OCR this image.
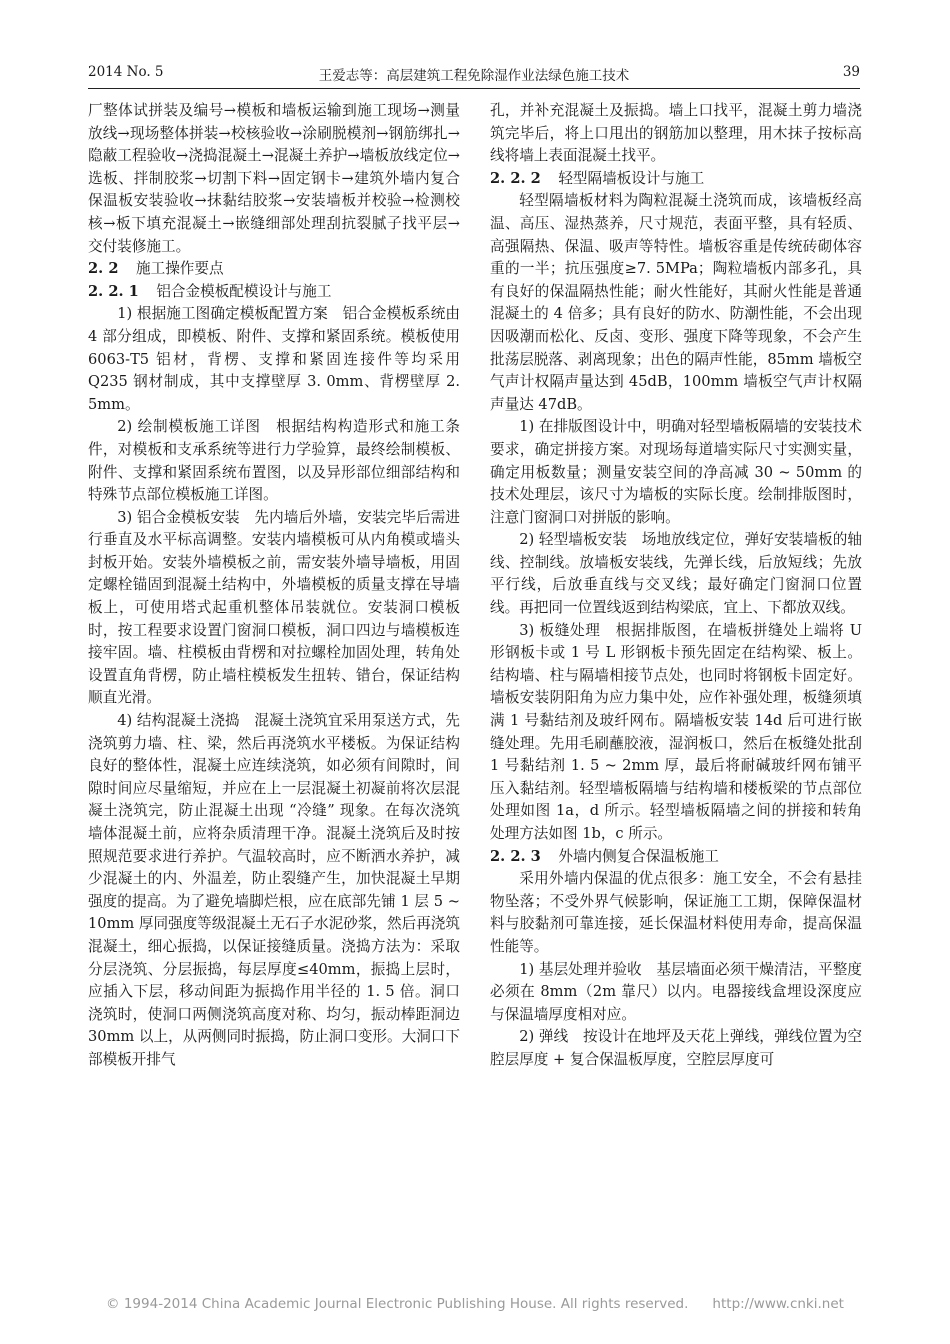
2014 No. 5	王爱志等：高层建筑工程免除湿作业法绿色施工技术	39

厂整体试拼装及编号→模板和墙板运输到施工现场→测量放线→现场整体拼装→校核验收→涂刷脱模剂→钢筋绑扎→隐蔽工程验收→浇捣混凝土→混凝土养护→墙板放线定位→选板、拌制胶浆→切割下料→固定钢卡→建筑外墙内复合保温板安装验收→抹黏结胶浆→安装墙板并校验→检测校核→板下填充混凝土→嵌缝细部处理刮抗裂腻子找平层→交付装修施工。

2. 2 施工操作要点

2. 2. 1 铝合金模板配模设计与施工

1) 根据施工图确定模板配置方案　铝合金模板系统由 4 部分组成，即模板、附件、支撑和紧固系统。模板使用 6063-T5 铝材，背楞、支撑和紧固连接件等均采用 Q235 钢材制成，其中支撑壁厚 3. 0mm、背楞壁厚 2. 5mm。

2) 绘制模板施工详图　根据结构构造形式和施工条件，对模板和支承系统等进行力学验算，最终绘制模板、附件、支撑和紧固系统布置图，以及异形部位细部结构和特殊节点部位模板施工详图。

3) 铝合金模板安装　先内墙后外墙，安装完毕后需进行垂直及水平标高调整。安装内墙模板可从内角模或墙头封板开始。安装外墙模板之前，需安装外墙导墙板，用固定螺栓锚固到混凝土结构中，外墙模板的质量支撑在导墙板上，可使用塔式起重机整体吊装就位。安装洞口模板时，按工程要求设置门窗洞口模板，洞口四边与墙模板连接牢固。墙、柱模板由背楞和对拉螺栓加固处理，转角处设置直角背楞，防止墙柱模板发生扭转、错台，保证结构顺直光滑。

4) 结构混凝土浇捣　混凝土浇筑宜采用泵送方式，先浇筑剪力墙、柱、梁，然后再浇筑水平楼板。为保证结构良好的整体性，混凝土应连续浇筑，如必须有间隙时，间隙时间应尽量缩短，并应在上一层混凝土初凝前将次层混凝土浇筑完，防止混凝土出现 “冷缝” 现象。在每次浇筑墙体混凝土前，应将杂质清理干净。混凝土浇筑后及时按照规范要求进行养护。气温较高时，应不断洒水养护，减少混凝土的内、外温差，防止裂缝产生，加快混凝土早期强度的提高。为了避免墙脚烂根，应在底部先铺 1 层 5 ~ 10mm 厚同强度等级混凝土无石子水泥砂浆，然后再浇筑混凝土，细心振捣，以保证接缝质量。浇捣方法为：采取分层浇筑、分层振捣，每层厚度≤40mm，振捣上层时，应插入下层，移动间距为振捣作用半径的 1. 5 倍。洞口浇筑时，使洞口两侧浇筑高度对称、均匀，振动棒距洞边 30mm 以上，从两侧同时振捣，防止洞口变形。大洞口下部模板开排气

孔，并补充混凝土及振捣。墙上口找平，混凝土剪力墙浇筑完毕后，将上口甩出的钢筋加以整理，用木抹子按标高线将墙上表面混凝土找平。

2. 2. 2 轻型隔墙板设计与施工

轻型隔墙板材料为陶粒混凝土浇筑而成，该墙板经高温、高压、湿热蒸养，尺寸规范，表面平整，具有轻质、高强隔热、保温、吸声等特性。墙板容重是传统砖砌体容重的一半；抗压强度≥7. 5MPa；陶粒墙板内部多孔，具有良好的保温隔热性能；耐火性能好，其耐火性能是普通混凝土的 4 倍多；具有良好的防水、防潮性能，不会出现因吸潮而松化、反卤、变形、强度下降等现象，不会产生批荡层脱落、剥离现象；出色的隔声性能，85mm 墙板空气声计权隔声量达到 45dB，100mm 墙板空气声计权隔声量达 47dB。

1) 在排版图设计中，明确对轻型墙板隔墙的安装技术要求，确定拼接方案。对现场每道墙实际尺寸实测实量，确定用板数量；测量安装空间的净高减 30 ~ 50mm 的技术处理层，该尺寸为墙板的实际长度。绘制排版图时，注意门窗洞口对拼版的影响。

2) 轻型墙板安装　场地放线定位，弹好安装墙板的轴线、控制线。放墙板安装线，先弹长线，后放短线；先放平行线，后放垂直线与交叉线；最好确定门窗洞口位置线。再把同一位置线返到结构梁底，宜上、下都放双线。

3) 板缝处理　根据排版图，在墙板拼缝处上端将 U 形钢板卡或 1 号 L 形钢板卡预先固定在结构梁、板上。结构墙、柱与隔墙相接节点处，也同时将钢板卡固定好。墙板安装阴阳角为应力集中处，应作补强处理，板缝须填满 1 号黏结剂及玻纤网布。隔墙板安装 14d 后可进行嵌缝处理。先用毛刷蘸胶液，湿润板口，然后在板缝处批刮 1 号黏结剂 1. 5 ~ 2mm 厚，最后将耐碱玻纤网布铺平压入黏结剂。轻型墙板隔墙与结构墙和楼板梁的节点部位处理如图 1a，d 所示。轻型墙板隔墙之间的拼接和转角处理方法如图 1b，c 所示。

2. 2. 3 外墙内侧复合保温板施工

采用外墙内保温的优点很多：施工安全，不会有悬挂物坠落；不受外界气候影响，保证施工工期，保障保温材料与胶黏剂可靠连接，延长保温材料使用寿命，提高保温性能等。

1) 基层处理并验收　基层墙面必须干燥清洁，平整度必须在 8mm（2m 靠尺）以内。电器接线盒埋设深度应与保温墙厚度相对应。

2) 弹线　按设计在地坪及天花上弹线，弹线位置为空腔层厚度 + 复合保温板厚度，空腔层厚度可

© 1994-2014 China Academic Journal Electronic Publishing House. All rights reserved. http://www.cnki.net
